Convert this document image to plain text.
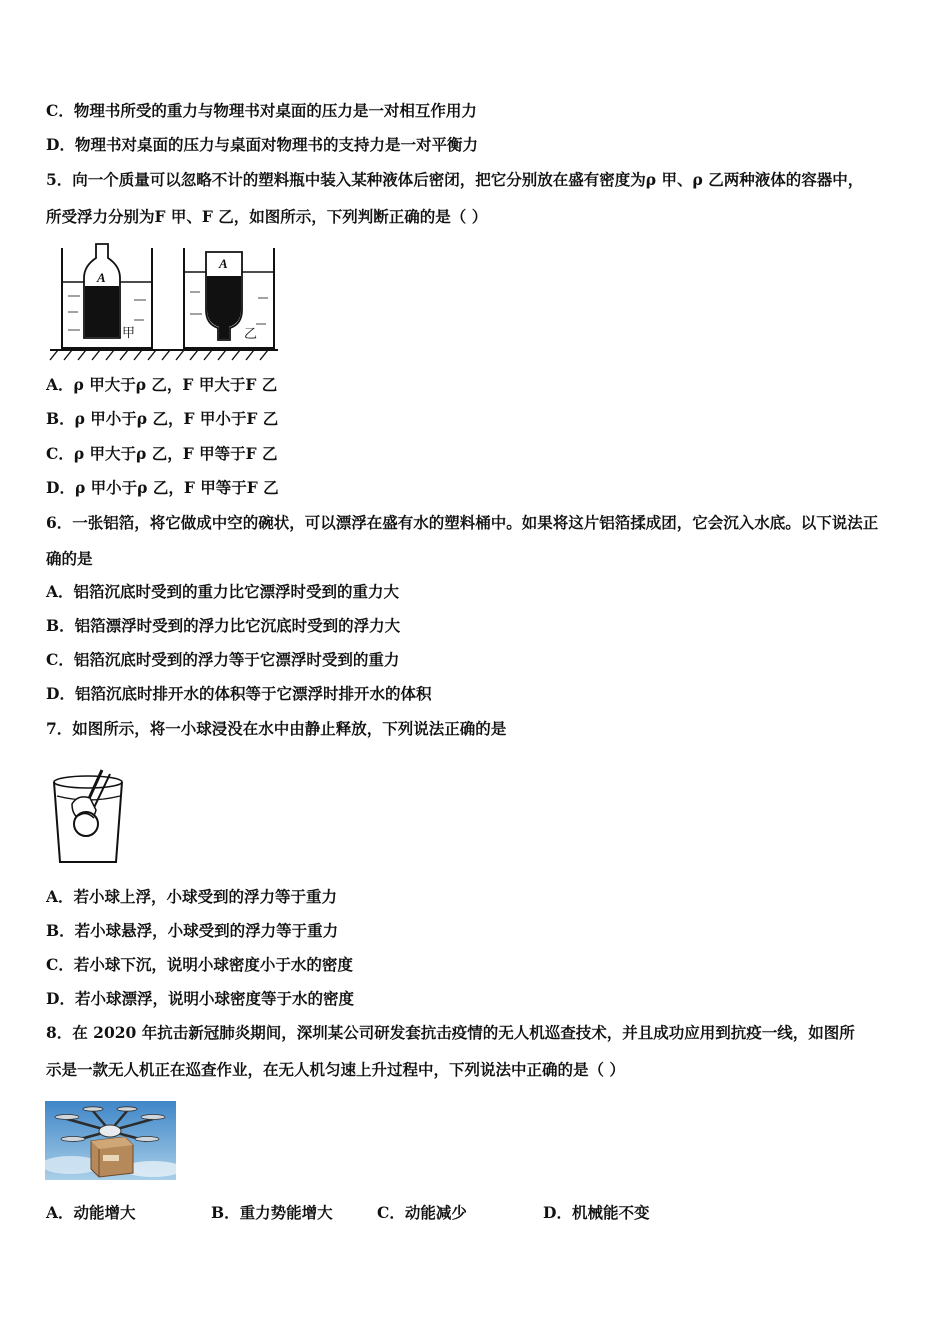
C．物理书所受的重力与物理书对桌面的压力是一对相互作用力
D．物理书对桌面的压力与桌面对物理书的支持力是一对平衡力
5．向一个质量可以忽略不计的塑料瓶中装入某种液体后密闭，把它分别放在盛有密度为ρ 甲、ρ 乙两种液体的容器中，
所受浮力分别为F 甲、F 乙，如图所示，下列判断正确的是（ ）
A
A
甲	乙
A．ρ 甲大于ρ 乙，F 甲大于F 乙
B．ρ 甲小于ρ 乙，F 甲小于F 乙
C．ρ 甲大于ρ 乙，F 甲等于F 乙
D．ρ 甲小于ρ 乙，F 甲等于F 乙
6．一张铝箔，将它做成中空的碗状，可以漂浮在盛有水的塑料桶中。如果将这片铝箔揉成团，它会沉入水底。以下说法正
确的是
A．铝箔沉底时受到的重力比它漂浮时受到的重力大
B．铝箔漂浮时受到的浮力比它沉底时受到的浮力大
C．铝箔沉底时受到的浮力等于它漂浮时受到的重力
D．铝箔沉底时排开水的体积等于它漂浮时排开水的体积
7．如图所示，将一小球浸没在水中由静止释放，下列说法正确的是
A．若小球上浮，小球受到的浮力等于重力
B．若小球悬浮，小球受到的浮力等于重力
C．若小球下沉，说明小球密度小于水的密度
D．若小球漂浮，说明小球密度等于水的密度
8．在 2020 年抗击新冠肺炎期间，深圳某公司研发套抗击疫情的无人机巡查技术，并且成功应用到抗疫一线，如图所
示是一款无人机正在巡查作业，在无人机匀速上升过程中，下列说法中正确的是（ ）
A．动能增大	B．重力势能增大	C．动能减少	D．机械能不变
